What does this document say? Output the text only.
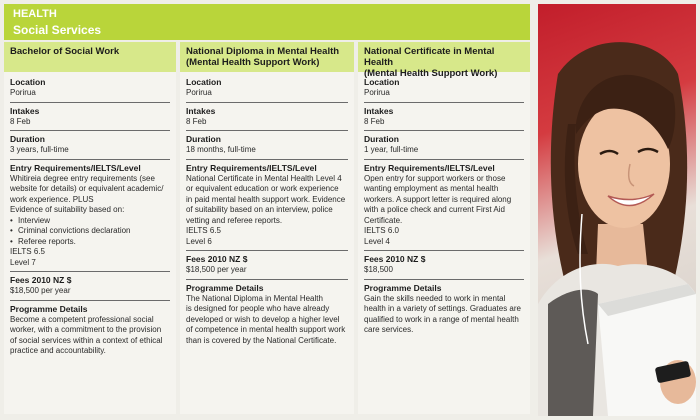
HEALTH
Social Services
Bachelor of Social Work
Location
Porirua
Intakes
8 Feb
Duration
3 years, full-time
Entry Requirements/IELTS/Level
Whitireia degree entry requirements (see
website for details) or equivalent academic/
work experience. PLUS
Evidence of suitability based on:
• Interview
• Criminal convictions declaration
• Referee reports.
IELTS 6.5
Level 7
Fees 2010 NZ $
$18,500 per year
Programme Details
Become a competent professional social
worker, with a commitment to the provision
of social services within a context of ethical
practice and accountability.
National Diploma in Mental Health
(Mental Health Support Work)
Location
Porirua
Intakes
8 Feb
Duration
18 months, full-time
Entry Requirements/IELTS/Level
National Certificate in Mental Health Level 4
or equivalent education or work experience
in paid mental health support work. Evidence
of suitability based on an interview, police
vetting and referee reports.
IELTS 6.5
Level 6
Fees 2010 NZ $
$18,500 per year
Programme Details
The National Diploma in Mental Health
is designed for people who have already
developed or wish to develop a higher level
of competence in mental health support work
than is covered by the National Certificate.
National Certificate in Mental Health
(Mental Health Support Work)
Location
Porirua
Intakes
8 Feb
Duration
1 year, full-time
Entry Requirements/IELTS/Level
Open entry for support workers or those
wanting employment as mental health
workers. A support letter is required along
with a police check and current First Aid
Certificate.
IELTS 6.0
Level 4
Fees 2010 NZ $
$18,500
Programme Details
Gain the skills needed to work in mental
health in a variety of settings. Graduates are
qualified to work in a range of mental health
care services.
